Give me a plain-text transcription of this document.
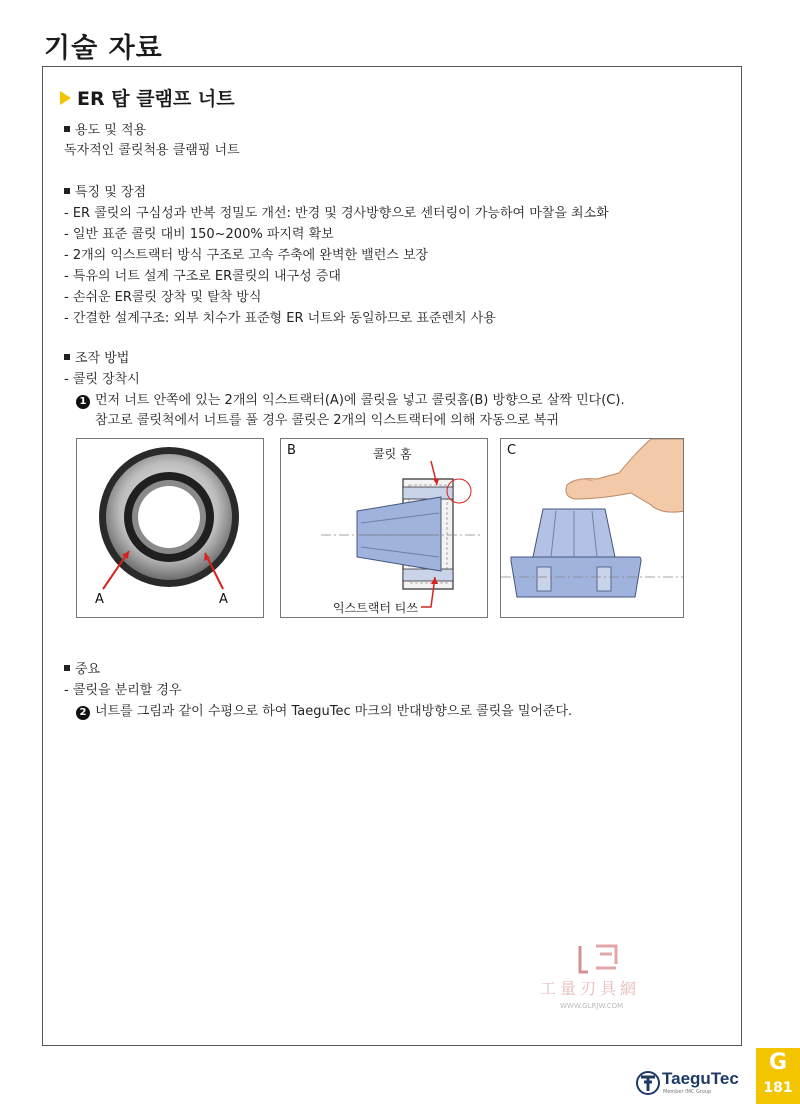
기술 자료
ER 탑 클램프 너트
용도 및 적용
독자적인 콜릿척용 클램핑 너트
특징 및 장점
- ER 콜릿의 구심성과 반복 정밀도 개선: 반경 및 경사방향으로 센터링이 가능하여 마찰을 최소화
- 일반 표준 콜릿 대비 150~200% 파지력 확보
- 2개의 익스트랙터 방식 구조로 고속 주축에 완벽한 밸런스 보장
- 특유의 너트 설계 구조로 ER콜릿의 내구성 증대
- 손쉬운 ER콜릿 장착 및 탈착 방식
- 간결한 설계구조: 외부 치수가 표준형 ER 너트와 동일하므로 표준렌치 사용
조작 방법
- 콜릿 장착시
1 먼저 너트 안쪽에 있는 2개의 익스트랙터(A)에 콜릿을 넣고 콜릿홈(B) 방향으로 살짝 민다(C).
참고로 콜릿척에서 너트를 풀 경우 콜릿은 2개의 익스트랙터에 의해 자동으로 복귀
A	A
B	콜릿 홈
익스트랙터 티쓰
C
중요
- 콜릿을 분리할 경우
2 너트를 그림과 같이 수평으로 하여 TaeguTec 마크의 반대방향으로 콜릿을 밀어준다.
工量刃具網
WWW.GLRJW.COM
G
181
TaeguTec
Member IMC Group
